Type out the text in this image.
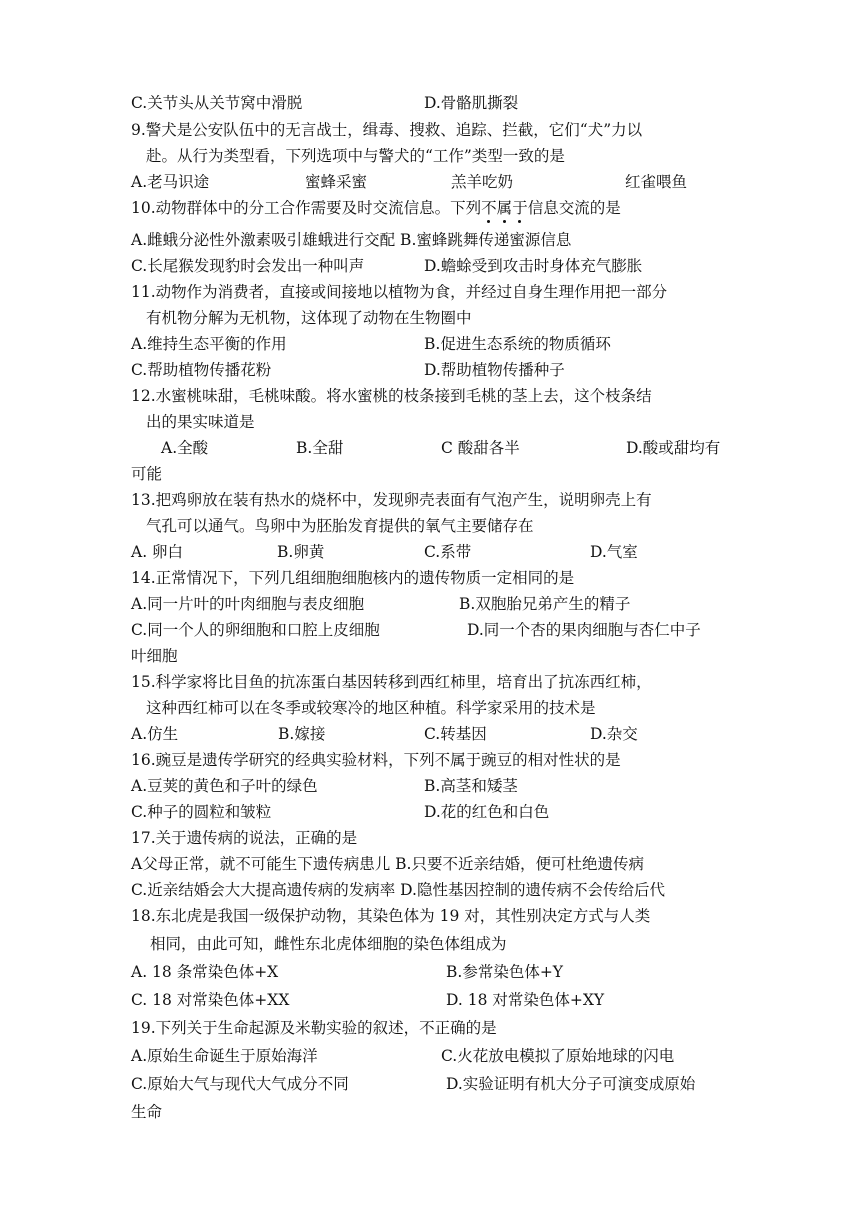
C.关节头从关节窝中滑脱	D.骨骼肌撕裂
9.警犬是公安队伍中的无言战士，缉毒、搜救、追踪、拦截，它们“犬”力以
赴。从行为类型看，下列选项中与警犬的“工作”类型一致的是
A.老马识途	蜜蜂采蜜	羔羊吃奶	红雀喂鱼
10.动物群体中的分工合作需要及时交流信息。下列不属于信息交流的是
A.雌蛾分泌性外激素吸引雄蛾进行交配 B.蜜蜂跳舞传递蜜源信息
C.长尾猴发现豹时会发出一种叫声	D.蟾蜍受到攻击时身体充气膨胀
11.动物作为消费者，直接或间接地以植物为食，并经过自身生理作用把一部分
有机物分解为无机物，这体现了动物在生物圈中
A.维持生态平衡的作用	B.促进生态系统的物质循环
C.帮助植物传播花粉	D.帮助植物传播种子
12.水蜜桃味甜，毛桃味酸。将水蜜桃的枝条接到毛桃的茎上去，这个枝条结
出的果实味道是
A.全酸	B.全甜	C 酸甜各半	D.酸或甜均有
可能
13.把鸡卵放在装有热水的烧杯中，发现卵壳表面有气泡产生，说明卵壳上有
气孔可以通气。鸟卵中为胚胎发育提供的氧气主要储存在
A. 卵白	B.卵黄	C.系带	D.气室
14.正常情况下，下列几组细胞细胞核内的遗传物质一定相同的是
A.同一片叶的叶肉细胞与表皮细胞	B.双胞胎兄弟产生的精子
C.同一个人的卵细胞和口腔上皮细胞	D.同一个杏的果肉细胞与杏仁中子
叶细胞
15.科学家将比目鱼的抗冻蛋白基因转移到西红柿里，培育出了抗冻西红柿，
这种西红柿可以在冬季或较寒冷的地区种植。科学家采用的技术是
A.仿生	B.嫁接	C.转基因	D.杂交
16.豌豆是遗传学研究的经典实验材料，下列不属于豌豆的相对性状的是
A.豆荚的黄色和子叶的绿色	B.高茎和矮茎
C.种子的圆粒和皱粒	D.花的红色和白色
17.关于遗传病的说法，正确的是
A父母正常，就不可能生下遗传病患儿 B.只要不近亲结婚，便可杜绝遗传病
C.近亲结婚会大大提高遗传病的发病率 D.隐性基因控制的遗传病不会传给后代
18.东北虎是我国一级保护动物，其染色体为 19 对，其性别决定方式与人类
相同，由此可知，雌性东北虎体细胞的染色体组成为
A. 18 条常染色体+X	B.参常染色体+Y
C. 18 对常染色体+XX	D. 18 对常染色体+XY
19.下列关于生命起源及米勒实验的叙述，不正确的是
A.原始生命诞生于原始海洋	C.火花放电模拟了原始地球的闪电
C.原始大气与现代大气成分不同	D.实验证明有机大分子可演变成原始
生命
